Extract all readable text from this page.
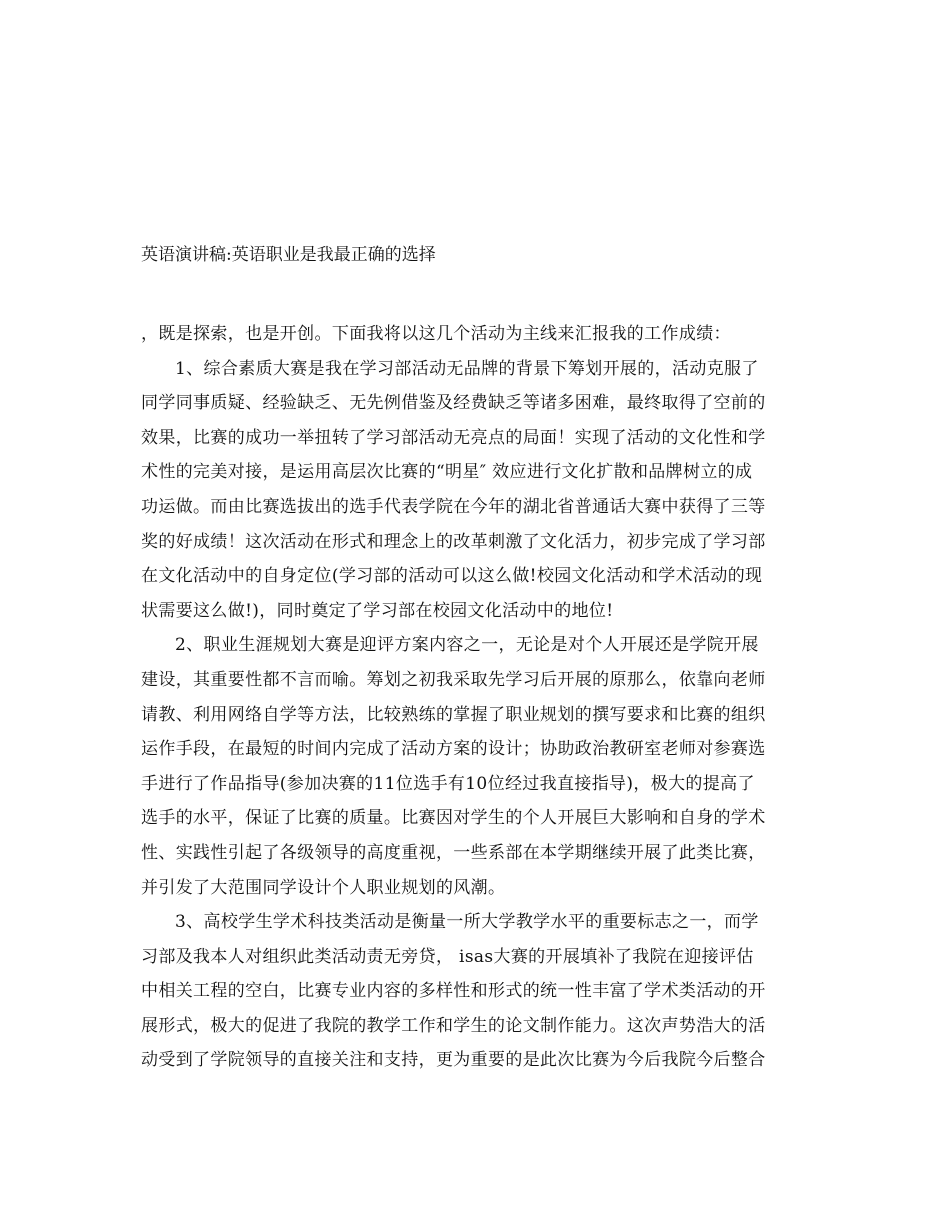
英语演讲稿:英语职业是我最正确的选择
，既是探索，也是开创。下面我将以这几个活动为主线来汇报我的工作成绩：
1、综合素质大赛是我在学习部活动无品牌的背景下筹划开展的，活动克服了
同学同事质疑、经验缺乏、无先例借鉴及经费缺乏等诸多困难，最终取得了空前的
效果，比赛的成功一举扭转了学习部活动无亮点的局面！实现了活动的文化性和学
术性的完美对接，是运用高层次比赛的“明星″ 效应进行文化扩散和品牌树立的成
功运做。而由比赛选拔出的选手代表学院在今年的湖北省普通话大赛中获得了三等
奖的好成绩！这次活动在形式和理念上的改革刺激了文化活力，初步完成了学习部
在文化活动中的自身定位(学习部的活动可以这么做!校园文化活动和学术活动的现
状需要这么做!)，同时奠定了学习部在校园文化活动中的地位!
2、职业生涯规划大赛是迎评方案内容之一，无论是对个人开展还是学院开展
建设，其重要性都不言而喻。筹划之初我采取先学习后开展的原那么，依靠向老师
请教、利用网络自学等方法，比较熟练的掌握了职业规划的撰写要求和比赛的组织
运作手段，在最短的时间内完成了活动方案的设计；协助政治教研室老师对参赛选
手进行了作品指导(参加决赛的11位选手有10位经过我直接指导)，极大的提高了
选手的水平，保证了比赛的质量。比赛因对学生的个人开展巨大影响和自身的学术
性、实践性引起了各级领导的高度重视，一些系部在本学期继续开展了此类比赛，
并引发了大范围同学设计个人职业规划的风潮。
3、高校学生学术科技类活动是衡量一所大学教学水平的重要标志之一，而学
习部及我本人对组织此类活动责无旁贷， isas大赛的开展填补了我院在迎接评估
中相关工程的空白，比赛专业内容的多样性和形式的统一性丰富了学术类活动的开
展形式，极大的促进了我院的教学工作和学生的论文制作能力。这次声势浩大的活
动受到了学院领导的直接关注和支持，更为重要的是此次比赛为今后我院今后整合
